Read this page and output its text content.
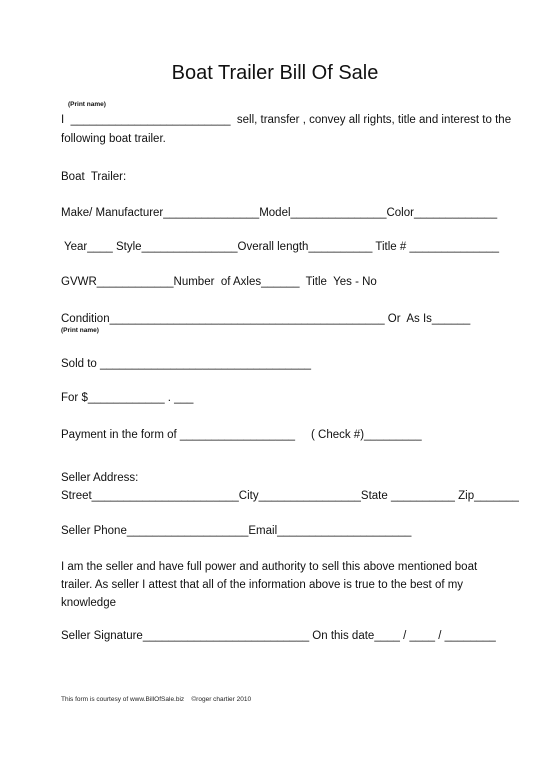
Boat Trailer Bill Of Sale
(Print name)
I  _________________________  sell, transfer , convey all rights, title and interest to the
following boat trailer.
Boat  Trailer:
Make/ Manufacturer_______________Model_______________Color_____________
Year____ Style_______________Overall length__________ Title # ______________
GVWR____________Number  of Axles______  Title  Yes - No
Condition___________________________________________ Or  As Is______
(Print name)
Sold to _________________________________
For $____________ . ___
Payment in the form of __________________     ( Check #)_________
Seller Address:
Street_______________________City________________State __________ Zip_______
Seller Phone___________________Email_____________________
I am the seller and have full power and authority to sell this above mentioned boat
trailer. As seller I attest that all of the information above is true to the best of my
knowledge
Seller Signature__________________________ On this date____ / ____ / ________
This form is courtesy of www.BillOfSale.biz    ©roger chartier 2010
